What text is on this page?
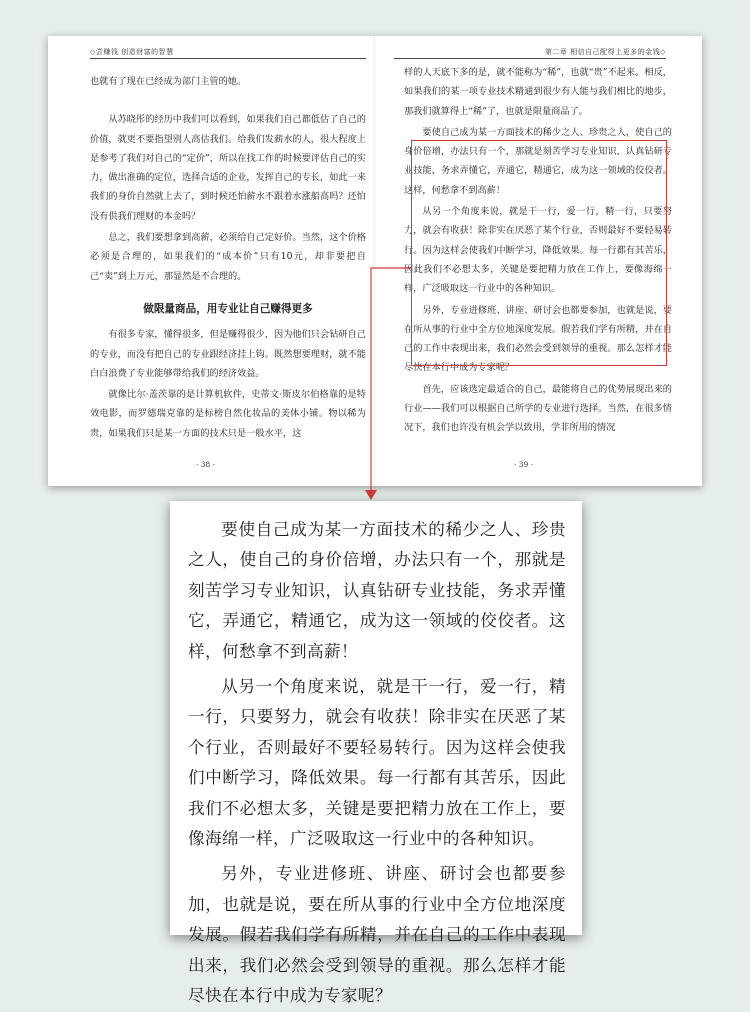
◇尝赚钱 创造财富的智慧

也就有了现在已经成为部门主管的她。

从苏晓彤的经历中我们可以看到，如果我们自己都低估了自己的价值，就更不要指望别人高估我们。给我们发薪水的人，很大程度上是参考了我们对自己的“定价”，所以在找工作的时候要评估自己的实力，做出准确的定位，选择合适的企业，发挥自己的专长，如此一来我们的身价自然就上去了，到时候还怕薪水不跟着水涨船高吗？还怕没有供我们理财的本金吗？

总之，我们要想拿到高薪，必须给自己定好价。当然，这个价格必须是合理的，如果我们的“成本价”只有10元，却非要把自己“卖”到上万元，那显然是不合理的。

做限量商品，用专业让自己赚得更多

有很多专家，懂得很多，但是赚得很少，因为他们只会钻研自己的专业，而没有把自己的专业跟经济挂上钩。既然想要理财，就不能白白浪费了专业能够带给我们的经济效益。

就像比尔·盖茨靠的是计算机软件，史蒂文·斯皮尔伯格靠的是特效电影，而罗德瑞克靠的是标榜自然化妆品的美体小铺。物以稀为贵，如果我们只是某一方面的技术只是一般水平，这

· 38 ·
第二章 相信自己配得上更多的金钱◇

样的人天底下多的是，就不能称为“稀”，也就“贵”不起来。相反，如果我们的某一项专业技术精通到很少有人能与我们相比的地步，那我们就算得上“稀”了，也就是限量商品了。

要使自己成为某一方面技术的稀少之人、珍贵之人，使自己的身价倍增，办法只有一个，那就是刻苦学习专业知识，认真钻研专业技能，务求弄懂它，弄通它，精通它，成为这一领域的佼佼者。这样，何愁拿不到高薪！

从另一个角度来说，就是干一行，爱一行，精一行，只要努力，就会有收获！除非实在厌恶了某个行业，否则最好不要轻易转行。因为这样会使我们中断学习，降低效果。每一行都有其苦乐，因此我们不必想太多，关键是要把精力放在工作上，要像海绵一样，广泛吸取这一行业中的各种知识。

另外，专业进修班、讲座、研讨会也都要参加，也就是说，要在所从事的行业中全方位地深度发展。假若我们学有所精，并在自己的工作中表现出来，我们必然会受到领导的重视。那么怎样才能尽快在本行中成为专家呢？

首先，应该选定最适合的自己，最能将自己的优势展现出来的行业——我们可以根据自己所学的专业进行选择。当然，在很多情况下，我们也许没有机会学以致用，学非所用的情况

· 39 ·

要使自己成为某一方面技术的稀少之人、珍贵之人，使自己的身价倍增，办法只有一个，那就是刻苦学习专业知识，认真钻研专业技能，务求弄懂它，弄通它，精通它，成为这一领域的佼佼者。这样，何愁拿不到高薪！

从另一个角度来说，就是干一行，爱一行，精一行，只要努力，就会有收获！除非实在厌恶了某个行业，否则最好不要轻易转行。因为这样会使我们中断学习，降低效果。每一行都有其苦乐，因此我们不必想太多，关键是要把精力放在工作上，要像海绵一样，广泛吸取这一行业中的各种知识。

另外，专业进修班、讲座、研讨会也都要参加，也就是说，要在所从事的行业中全方位地深度发展。假若我们学有所精，并在自己的工作中表现出来，我们必然会受到领导的重视。那么怎样才能尽快在本行中成为专家呢？
